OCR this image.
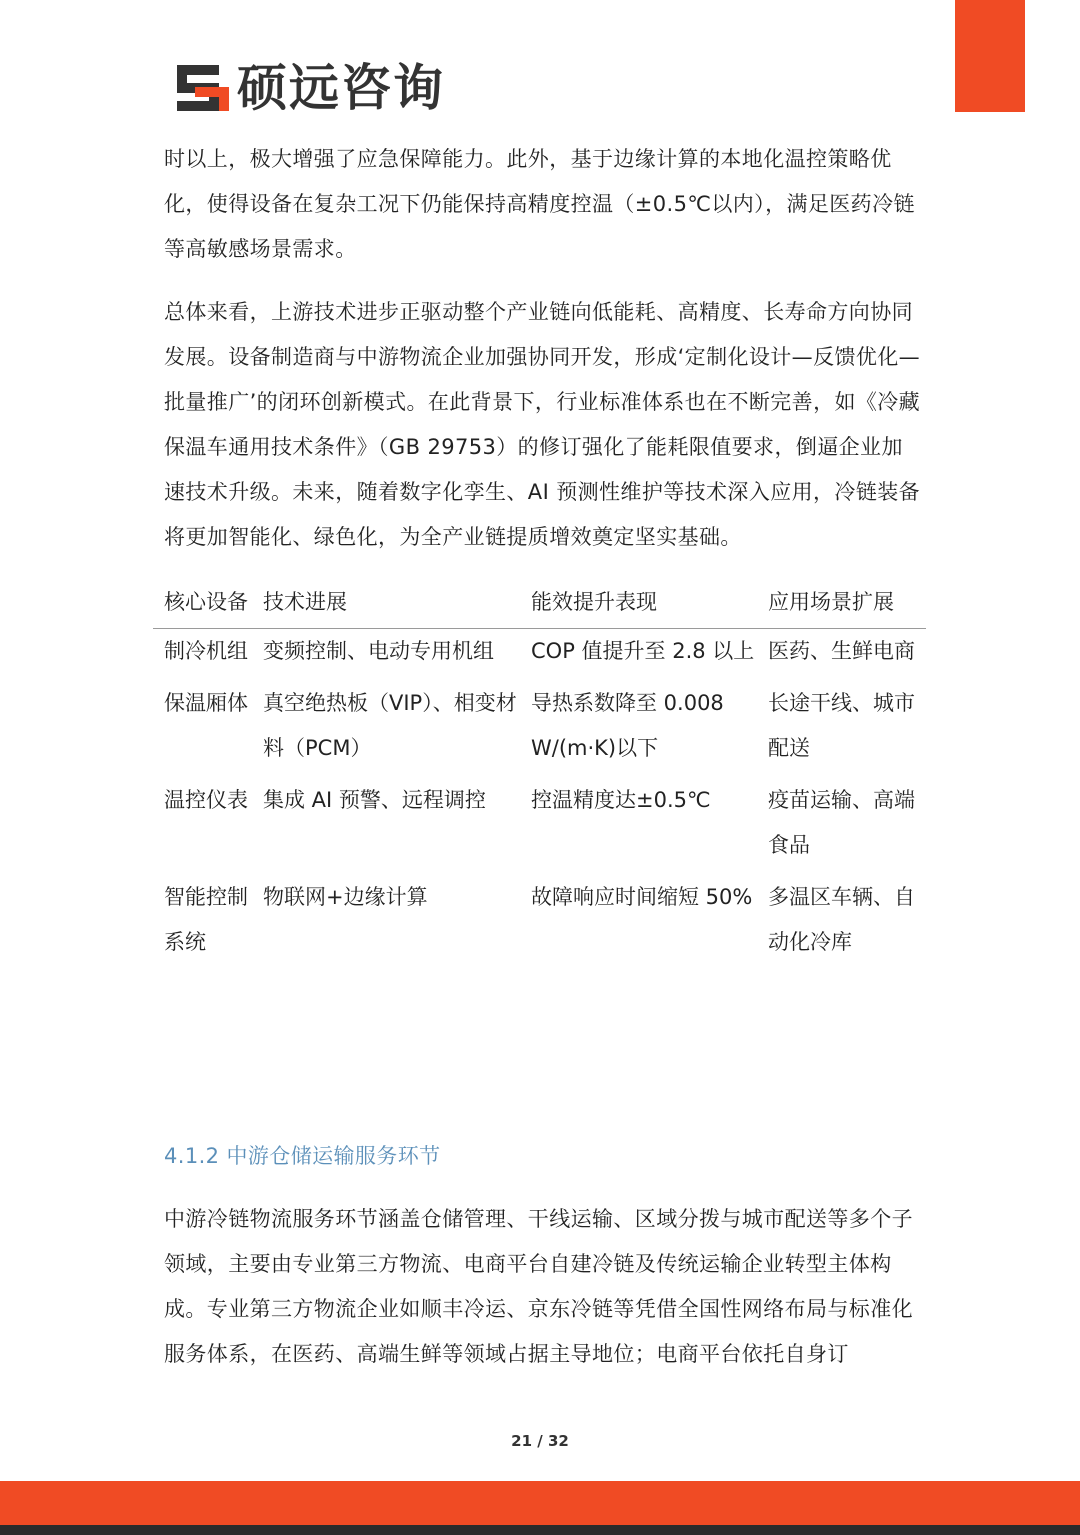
硕远咨询

时以上，极大增强了应急保障能力。此外，基于边缘计算的本地化温控策略优化，使得设备在复杂工况下仍能保持高精度控温（±0.5℃以内），满足医药冷链等高敏感场景需求。

总体来看，上游技术进步正驱动整个产业链向低能耗、高精度、长寿命方向协同发展。设备制造商与中游物流企业加强协同开发，形成‘定制化设计—反馈优化—批量推广’的闭环创新模式。在此背景下，行业标准体系也在不断完善，如《冷藏保温车通用技术条件》（GB 29753）的修订强化了能耗限值要求，倒逼企业加速技术升级。未来，随着数字化孪生、AI 预测性维护等技术深入应用，冷链装备将更加智能化、绿色化，为全产业链提质增效奠定坚实基础。

核心设备	技术进展	能效提升表现	应用场景扩展
制冷机组	变频控制、电动专用机组	COP 值提升至 2.8 以上	医药、生鲜电商
保温厢体	真空绝热板（VIP）、相变材料（PCM）	导热系数降至 0.008 W/(m·K)以下	长途干线、城市配送
温控仪表	集成 AI 预警、远程调控	控温精度达±0.5℃	疫苗运输、高端食品
智能控制系统	物联网+边缘计算	故障响应时间缩短 50%	多温区车辆、自动化冷库
4.1.2 中游仓储运输服务环节

中游冷链物流服务环节涵盖仓储管理、干线运输、区域分拨与城市配送等多个子领域，主要由专业第三方物流、电商平台自建冷链及传统运输企业转型主体构成。专业第三方物流企业如顺丰冷运、京东冷链等凭借全国性网络布局与标准化服务体系，在医药、高端生鲜等领域占据主导地位；电商平台依托自身订

21 / 32
